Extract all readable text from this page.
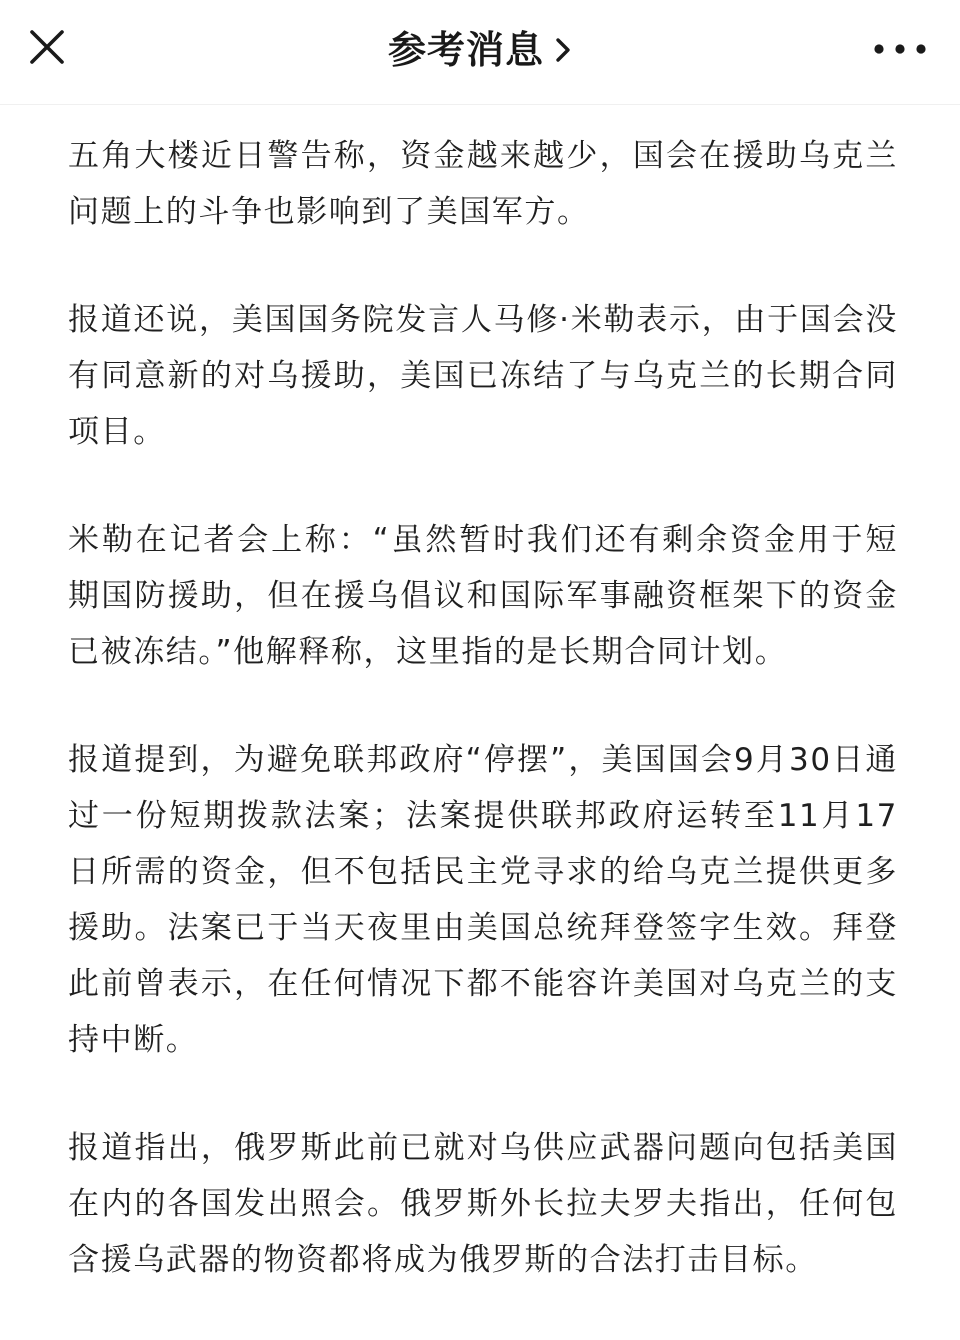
参考消息

五角大楼近日警告称，资金越来越少，国会在援助乌克兰问题上的斗争也影响到了美国军方。

报道还说，美国国务院发言人马修·米勒表示，由于国会没有同意新的对乌援助，美国已冻结了与乌克兰的长期合同项目。

米勒在记者会上称：“虽然暂时我们还有剩余资金用于短期国防援助，但在援乌倡议和国际军事融资框架下的资金已被冻结。”他解释称，这里指的是长期合同计划。

报道提到，为避免联邦政府“停摆”，美国国会9月30日通过一份短期拨款法案；法案提供联邦政府运转至11月17日所需的资金，但不包括民主党寻求的给乌克兰提供更多援助。法案已于当天夜里由美国总统拜登签字生效。拜登此前曾表示，在任何情况下都不能容许美国对乌克兰的支持中断。

报道指出，俄罗斯此前已就对乌供应武器问题向包括美国在内的各国发出照会。俄罗斯外长拉夫罗夫指出，任何包含援乌武器的物资都将成为俄罗斯的合法打击目标。
